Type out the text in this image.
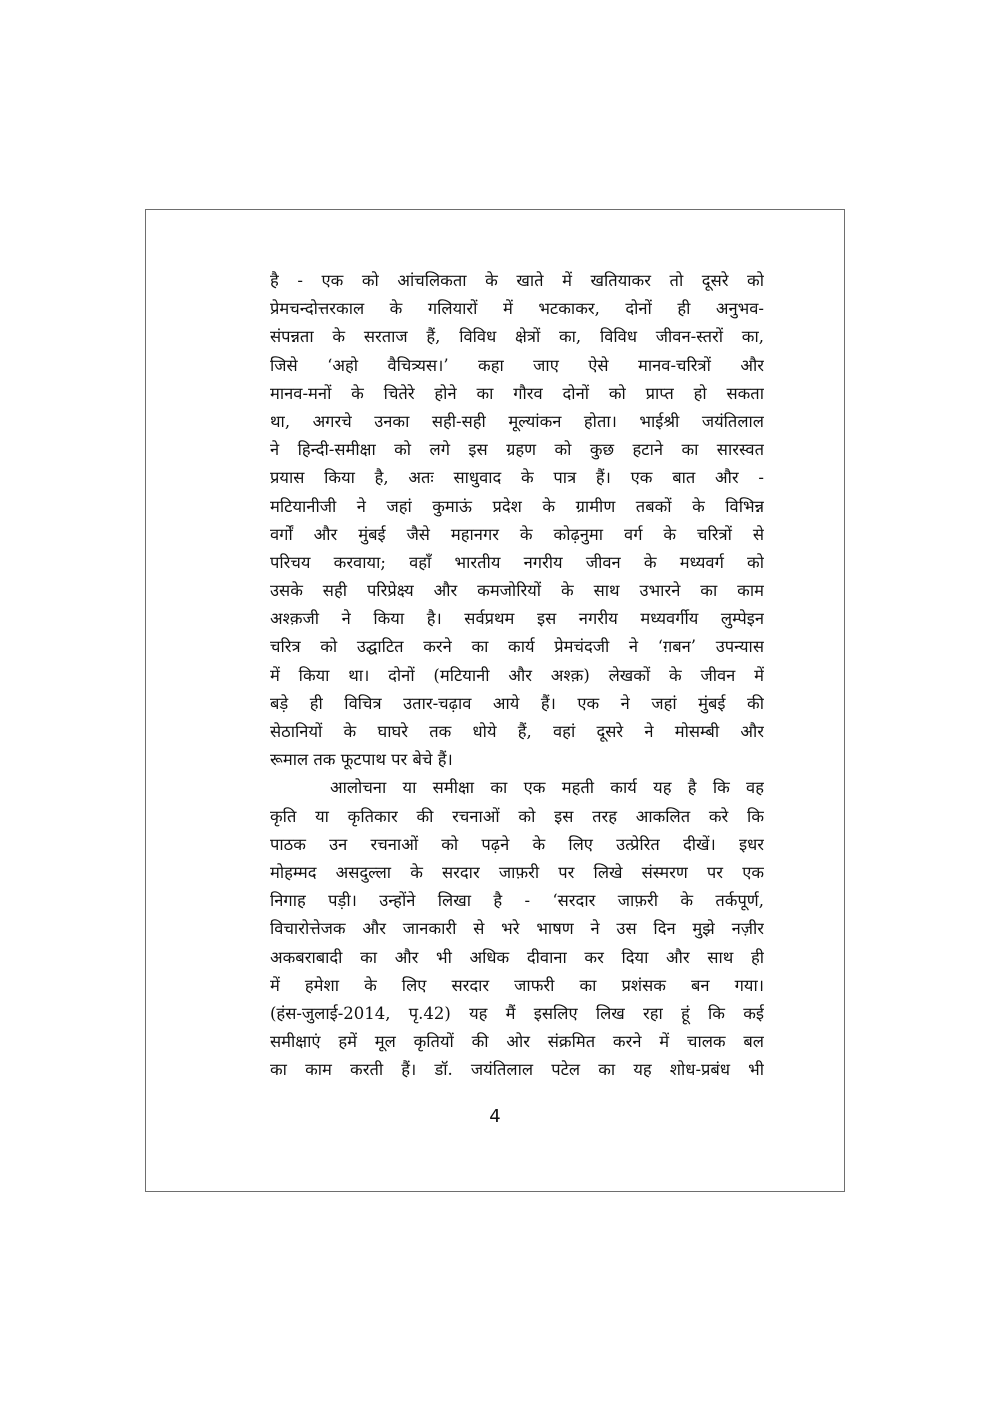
है - एक को आंचलिकता के खाते में खतियाकर तो दूसरे को
प्रेमचन्दोत्तरकाल के गलियारों में भटकाकर, दोनों ही अनुभव-
संपन्नता के सरताज हैं, विविध क्षेत्रों का, विविध जीवन-स्तरों का,
जिसे ‘अहो वैचित्र्यस।’ कहा जाए ऐसे मानव-चरित्रों और
मानव-मनों के चितेरे होने का गौरव दोनों को प्राप्त हो सकता
था, अगरचे उनका सही-सही मूल्यांकन होता। भाईश्री जयंतिलाल
ने हिन्दी-समीक्षा को लगे इस ग्रहण को कुछ हटाने का सारस्वत
प्रयास किया है, अतः साधुवाद के पात्र हैं। एक बात और -
मटियानीजी ने जहां कुमाऊं प्रदेश के ग्रामीण तबकों के विभिन्न
वर्गों और मुंबई जैसे महानगर के कोढ़नुमा वर्ग के चरित्रों से
परिचय करवाया; वहाँ भारतीय नगरीय जीवन के मध्यवर्ग को
उसके सही परिप्रेक्ष्य और कमजोरियों के साथ उभारने का काम
अश्क़जी ने किया है। सर्वप्रथम इस नगरीय मध्यवर्गीय लुम्पेइन
चरित्र को उद्घाटित करने का कार्य प्रेमचंदजी ने ‘ग़बन’ उपन्यास
में किया था। दोनों (मटियानी और अश्क़) लेखकों के जीवन में
बड़े ही विचित्र उतार-चढ़ाव आये हैं। एक ने जहां मुंबई की
सेठानियों के घाघरे तक धोये हैं, वहां दूसरे ने मोसम्बी और
रूमाल तक फूटपाथ पर बेचे हैं।
आलोचना या समीक्षा का एक महती कार्य यह है कि वह
कृति या कृतिकार की रचनाओं को इस तरह आकलित करे कि
पाठक उन रचनाओं को पढ़ने के लिए उत्प्रेरित दीखें। इधर
मोहम्मद असदुल्ला के सरदार जाफ़री पर लिखे संस्मरण पर एक
निगाह पड़ी। उन्होंने लिखा है - ‘सरदार जाफ़री के तर्कपूर्ण,
विचारोत्तेजक और जानकारी से भरे भाषण ने उस दिन मुझे नज़ीर
अकबराबादी का और भी अधिक दीवाना कर दिया और साथ ही
में हमेशा के लिए सरदार जाफरी का प्रशंसक बन गया।
(हंस-जुलाई-2014, पृ.42) यह मैं इसलिए लिख रहा हूं कि कई
समीक्षाएं हमें मूल कृतियों की ओर संक्रमित करने में चालक बल
का काम करती हैं। डॉ. जयंतिलाल पटेल का यह शोध-प्रबंध भी
4
